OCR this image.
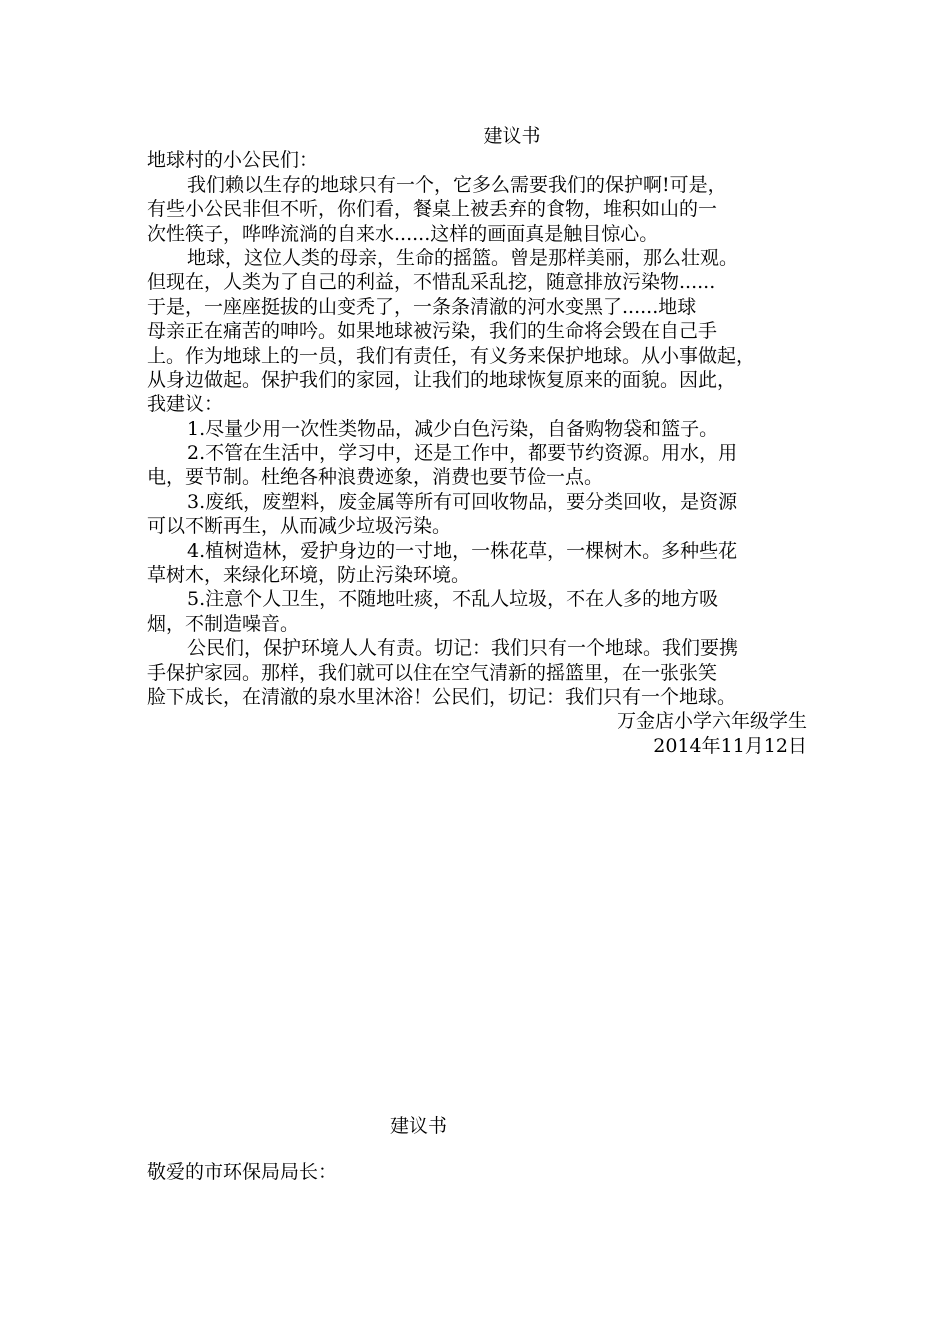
建议书
地球村的小公民们：
我们赖以生存的地球只有一个，它多么需要我们的保护啊!可是，
有些小公民非但不听，你们看，餐桌上被丢弃的食物，堆积如山的一
次性筷子，哗哗流淌的自来水......这样的画面真是触目惊心。
地球，这位人类的母亲，生命的摇篮。曾是那样美丽，那么壮观。
但现在，人类为了自己的利益，不惜乱采乱挖，随意排放污染物......
于是，一座座挺拔的山变秃了，一条条清澈的河水变黑了......地球
母亲正在痛苦的呻吟。如果地球被污染，我们的生命将会毁在自己手
上。作为地球上的一员，我们有责任，有义务来保护地球。从小事做起，
从身边做起。保护我们的家园，让我们的地球恢复原来的面貌。因此，
我建议：
1.尽量少用一次性类物品，减少白色污染，自备购物袋和篮子。
2.不管在生活中，学习中，还是工作中，都要节约资源。用水，用
电，要节制。杜绝各种浪费迹象，消费也要节俭一点。
3.废纸，废塑料，废金属等所有可回收物品，要分类回收，是资源
可以不断再生，从而减少垃圾污染。
4.植树造林，爱护身边的一寸地，一株花草，一棵树木。多种些花
草树木，来绿化环境，防止污染环境。
5.注意个人卫生，不随地吐痰，不乱人垃圾，不在人多的地方吸
烟，不制造噪音。
公民们，保护环境人人有责。切记：我们只有一个地球。我们要携
手保护家园。那样，我们就可以住在空气清新的摇篮里，在一张张笑
脸下成长，在清澈的泉水里沐浴！公民们，切记：我们只有一个地球。
万金店小学六年级学生
2014年11月12日
建议书
敬爱的市环保局局长：
